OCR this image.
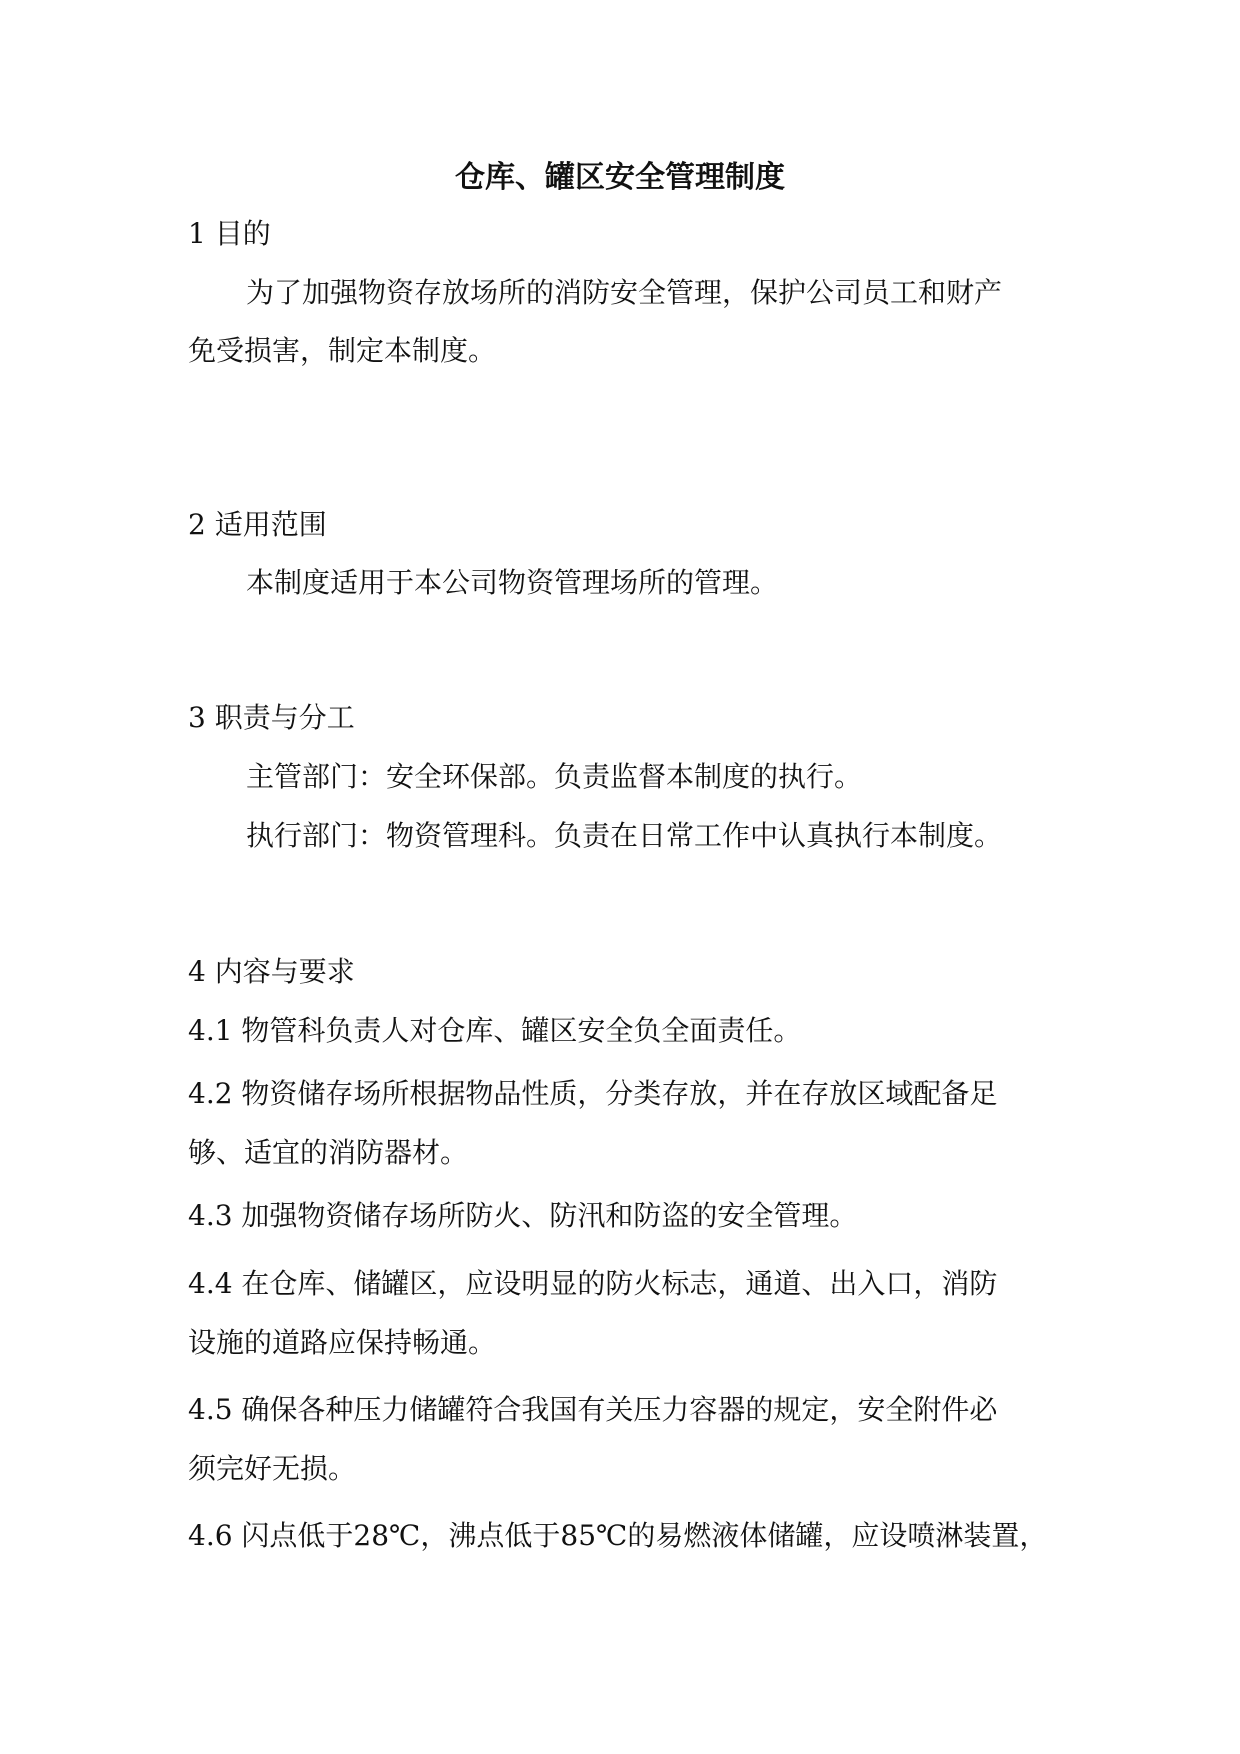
仓库、罐区安全管理制度
1 目的
为了加强物资存放场所的消防安全管理，保护公司员工和财产
免受损害，制定本制度。
2 适用范围
本制度适用于本公司物资管理场所的管理。
3 职责与分工
主管部门：安全环保部。负责监督本制度的执行。
执行部门：物资管理科。负责在日常工作中认真执行本制度。
4 内容与要求
4.1 物管科负责人对仓库、罐区安全负全面责任。
4.2 物资储存场所根据物品性质，分类存放，并在存放区域配备足
够、适宜的消防器材。
4.3 加强物资储存场所防火、防汛和防盗的安全管理。
4.4 在仓库、储罐区，应设明显的防火标志，通道、出入口，消防
设施的道路应保持畅通。
4.5 确保各种压力储罐符合我国有关压力容器的规定，安全附件必
须完好无损。
4.6 闪点低于28℃，沸点低于85℃的易燃液体储罐，应设喷淋装置，
